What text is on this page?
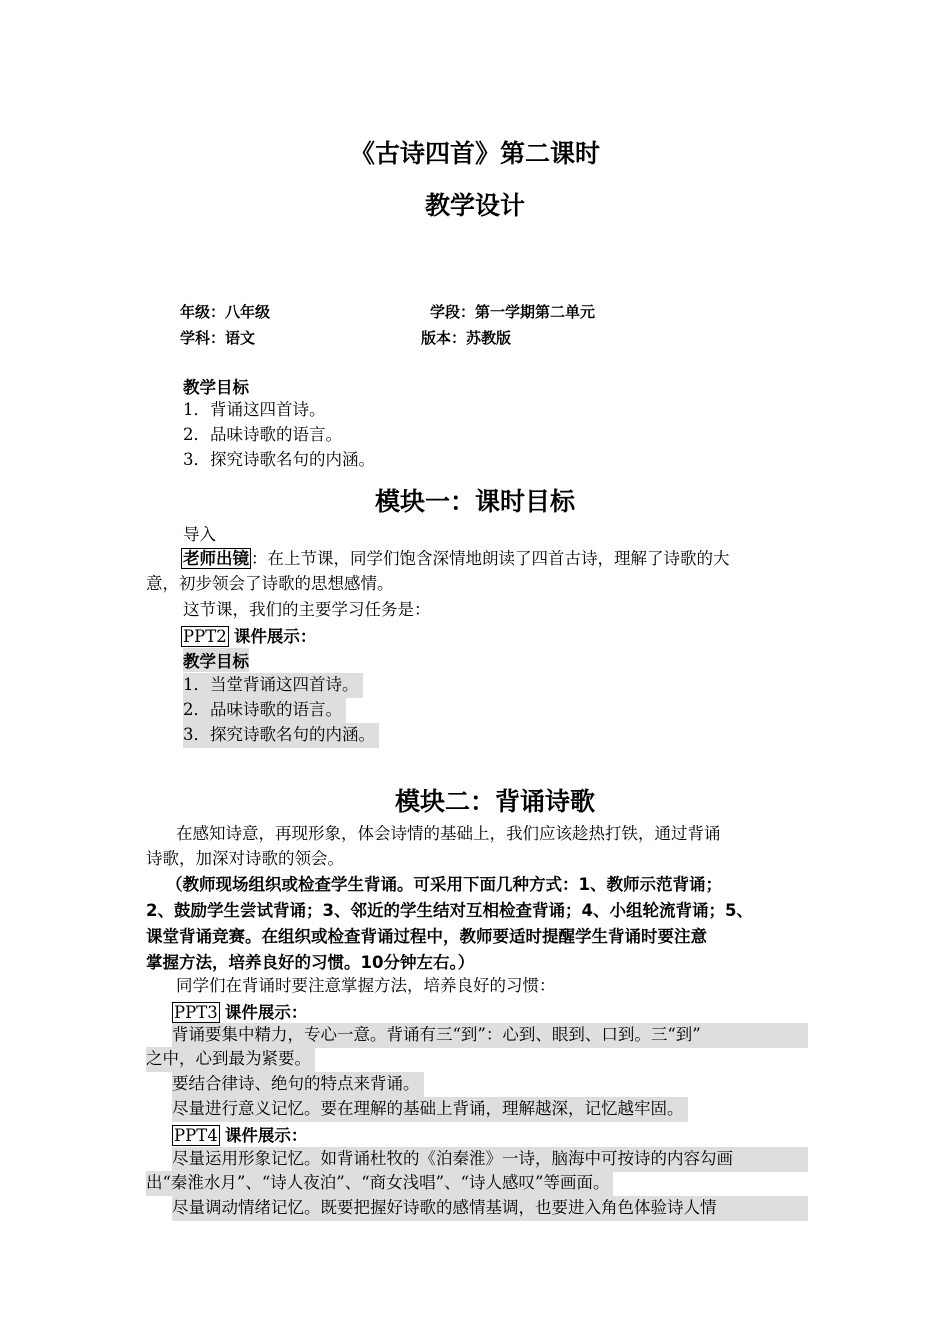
《古诗四首》第二课时
教学设计
年级：八年级	学段：第一学期第二单元
学科：语文	版本：苏教版
教学目标
1．背诵这四首诗。
2．品味诗歌的语言。
3．探究诗歌名句的内涵。
模块一：课时目标
导入
老师出镜 ：在上节课，同学们饱含深情地朗读了四首古诗，理解了诗歌的大
意，初步领会了诗歌的思想感情。
这节课，我们的主要学习任务是：
PPT2 课件展示：
教学目标
1．当堂背诵这四首诗。
2．品味诗歌的语言。
3．探究诗歌名句的内涵。
模块二：背诵诗歌
在感知诗意，再现形象，体会诗情的基础上，我们应该趁热打铁，通过背诵
诗歌，加深对诗歌的领会。
（教师现场组织或检查学生背诵。可采用下面几种方式：1、教师示范背诵；
2、鼓励学生尝试背诵；3、邻近的学生结对互相检查背诵；4、小组轮流背诵；5、
课堂背诵竞赛。在组织或检查背诵过程中，教师要适时提醒学生背诵时要注意
掌握方法，培养良好的习惯。10分钟左右。）
同学们在背诵时要注意掌握方法，培养良好的习惯：
PPT3 课件展示：
背诵要集中精力，专心一意。背诵有三“到”：心到、眼到、口到。三“到”
之中，心到最为紧要。
要结合律诗、绝句的特点来背诵。
尽量进行意义记忆。要在理解的基础上背诵，理解越深，记忆越牢固。
PPT4 课件展示：
尽量运用形象记忆。如背诵杜牧的《泊秦淮》一诗，脑海中可按诗的内容勾画
出“秦淮水月”、“诗人夜泊”、“商女浅唱”、“诗人感叹”等画面。
尽量调动情绪记忆。既要把握好诗歌的感情基调，也要进入角色体验诗人情
